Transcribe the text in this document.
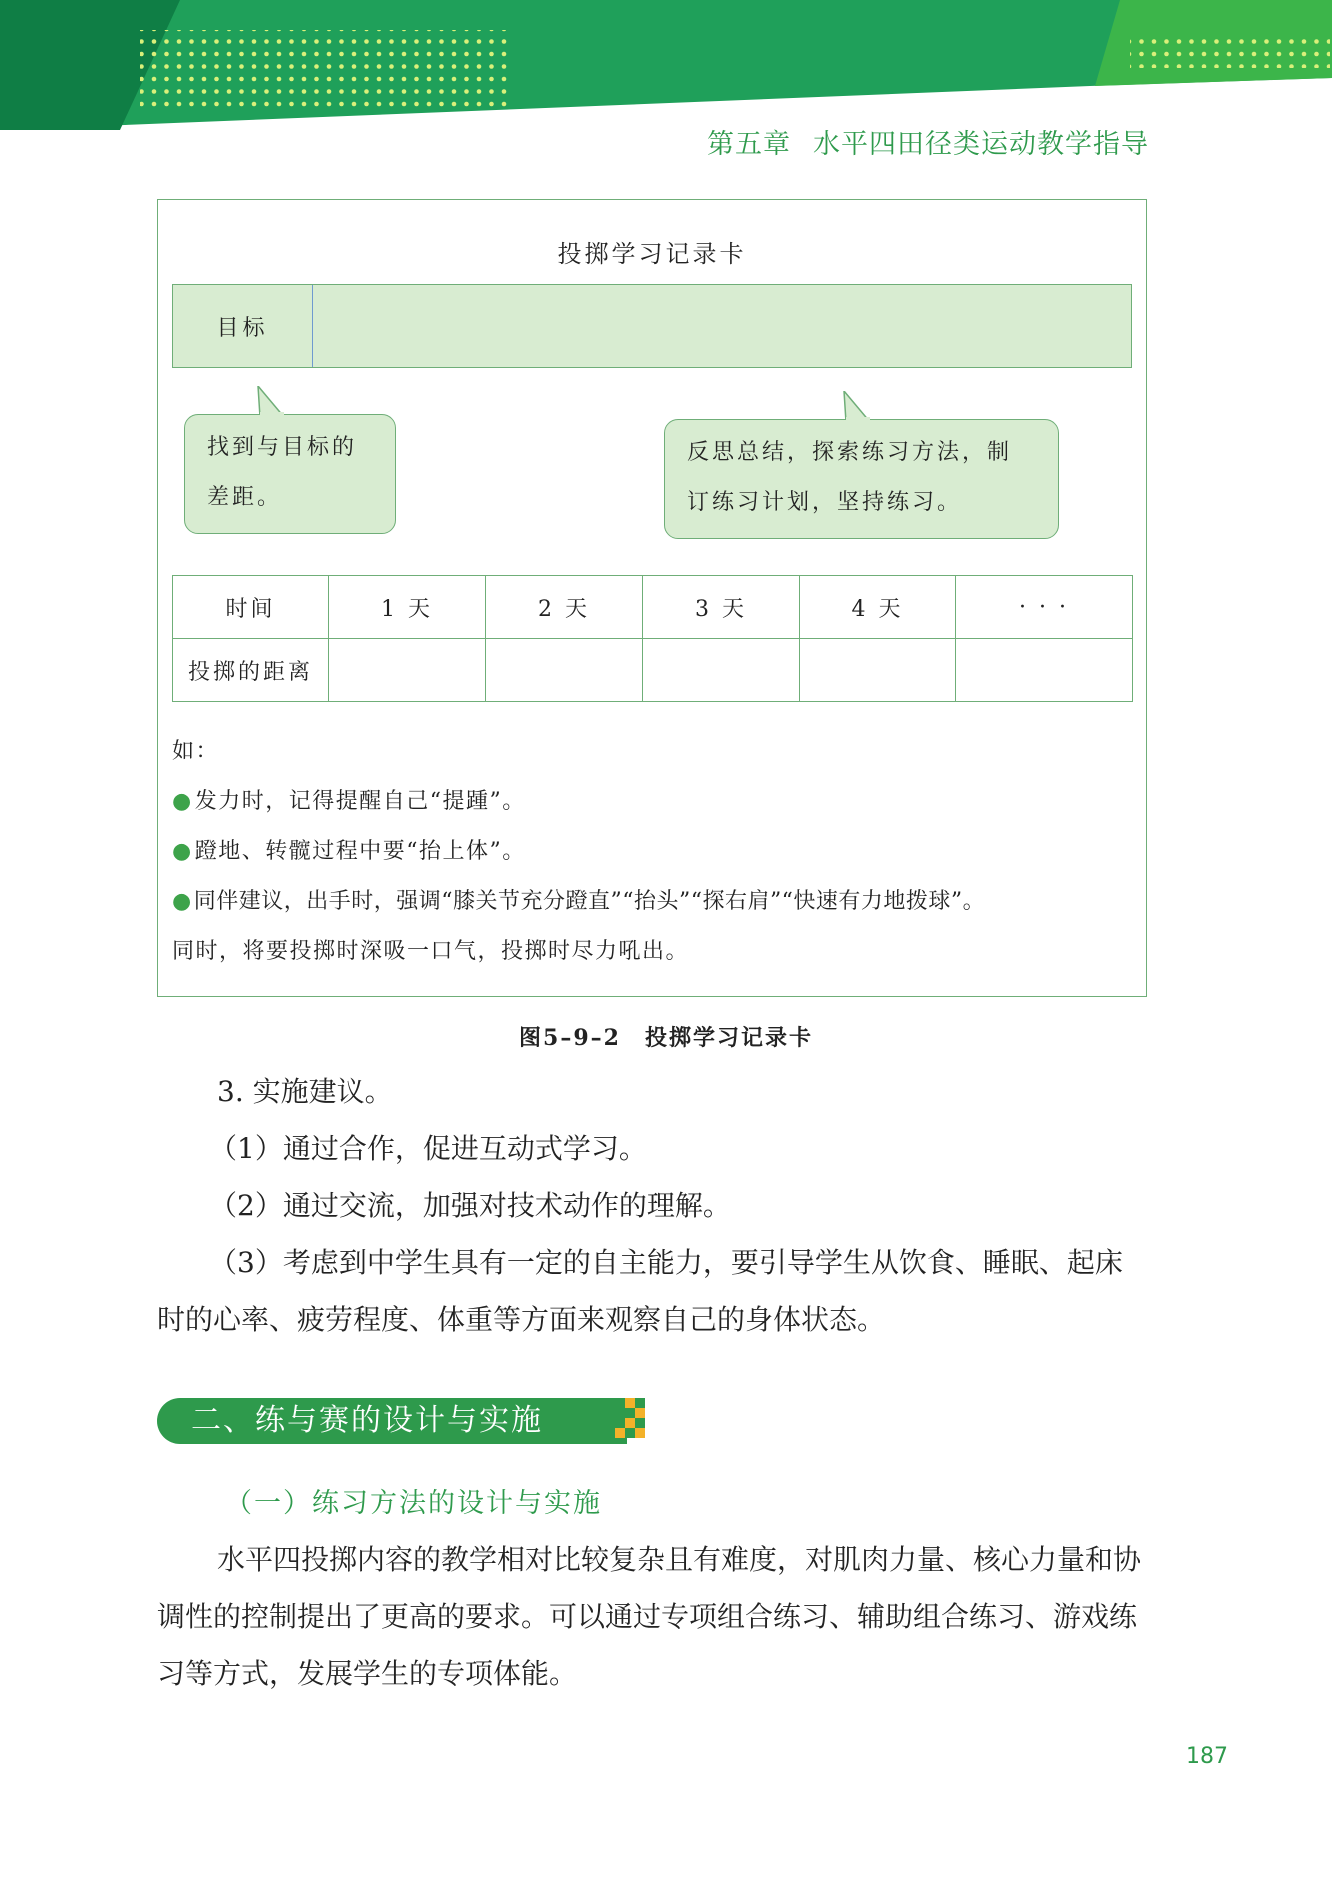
第五章 水平四田径类运动教学指导
投掷学习记录卡
目标
找到与目标的
差距。
反思总结，探索练习方法，制
订练习计划，坚持练习。
时间	1 天	2 天	3 天	4 天	· · ·
投掷的距离					
如：
●发力时，记得提醒自己“提踵”。
●蹬地、转髋过程中要“抬上体”。
●同伴建议，出手时，强调“膝关节充分蹬直”“抬头”“探右肩”“快速有力地拨球”。
同时，将要投掷时深吸一口气，投掷时尽力吼出。
图5–9–2 投掷学习记录卡

3. 实施建议。

（1）通过合作，促进互动式学习。

（2）通过交流，加强对技术动作的理解。

（3）考虑到中学生具有一定的自主能力，要引导学生从饮食、睡眠、起床时的心率、疲劳程度、体重等方面来观察自己的身体状态。

二、练与赛的设计与实施
（一）练习方法的设计与实施

水平四投掷内容的教学相对比较复杂且有难度，对肌肉力量、核心力量和协调性的控制提出了更高的要求。可以通过专项组合练习、辅助组合练习、游戏练习等方式，发展学生的专项体能。

187
